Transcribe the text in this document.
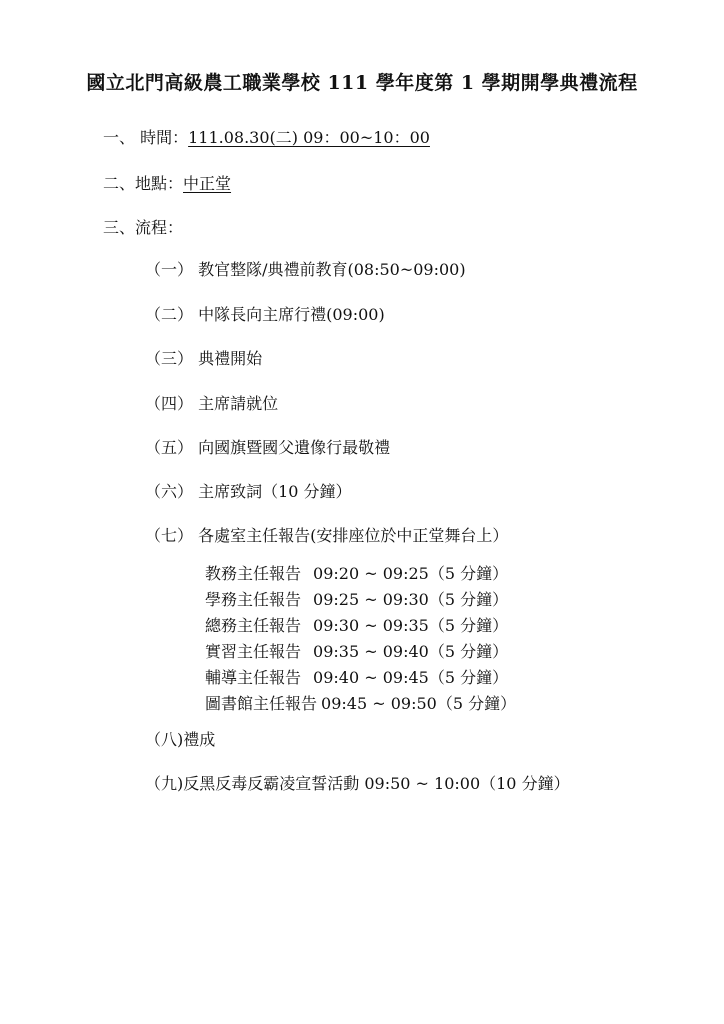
國立北門高級農工職業學校 111 學年度第 1 學期開學典禮流程
一、 時間：111.08.30(二) 09：00~10：00
二、地點：中正堂
三、流程：
（一） 教官整隊/典禮前教育(08:50~09:00)
（二） 中隊長向主席行禮(09:00)
（三） 典禮開始
（四） 主席請就位
（五） 向國旗暨國父遺像行最敬禮
（六） 主席致詞（10 分鐘）
（七） 各處室主任報告(安排座位於中正堂舞台上）
教務主任報告 09:20 ~ 09:25（5 分鐘）
學務主任報告 09:25 ~ 09:30（5 分鐘）
總務主任報告 09:30 ~ 09:35（5 分鐘）
實習主任報告 09:35 ~ 09:40（5 分鐘）
輔導主任報告 09:40 ~ 09:45（5 分鐘）
圖書館主任報告 09:45 ~ 09:50（5 分鐘）
（八)禮成
（九)反黑反毒反霸凌宣誓活動 09:50 ~ 10:00（10 分鐘）
